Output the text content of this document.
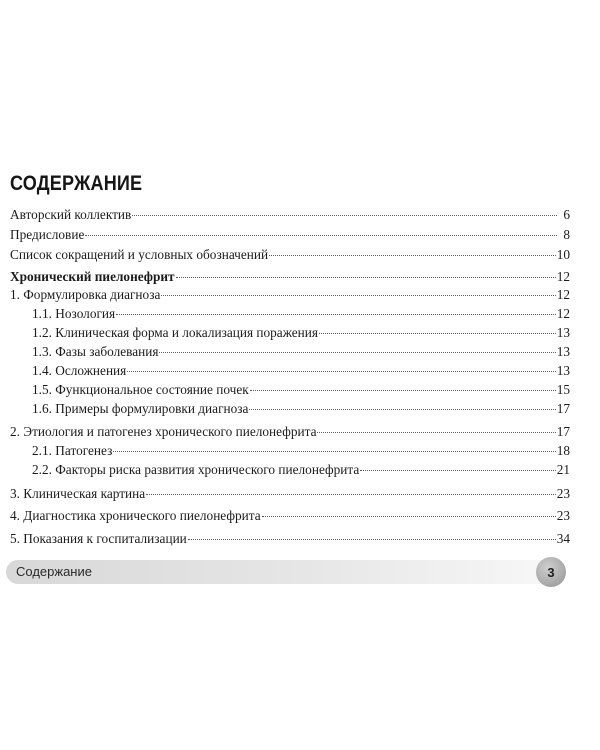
СОДЕРЖАНИЕ
Авторский коллектив	6
Предисловие	8
Список сокращений и условных обозначений	10
Хронический пиелонефрит	12
1. Формулировка диагноза	12
1.1. Нозология	12
1.2. Клиническая форма и локализация поражения	13
1.3. Фазы заболевания	13
1.4. Осложнения	13
1.5. Функциональное состояние почек	15
1.6. Примеры формулировки диагноза	17
2. Этиология и патогенез хронического пиелонефрита	17
2.1. Патогенез	18
2.2. Факторы риска развития хронического пиелонефрита	21
3. Клиническая картина	23
4. Диагностика хронического пиелонефрита	23
5. Показания к госпитализации	34
Содержание	3
